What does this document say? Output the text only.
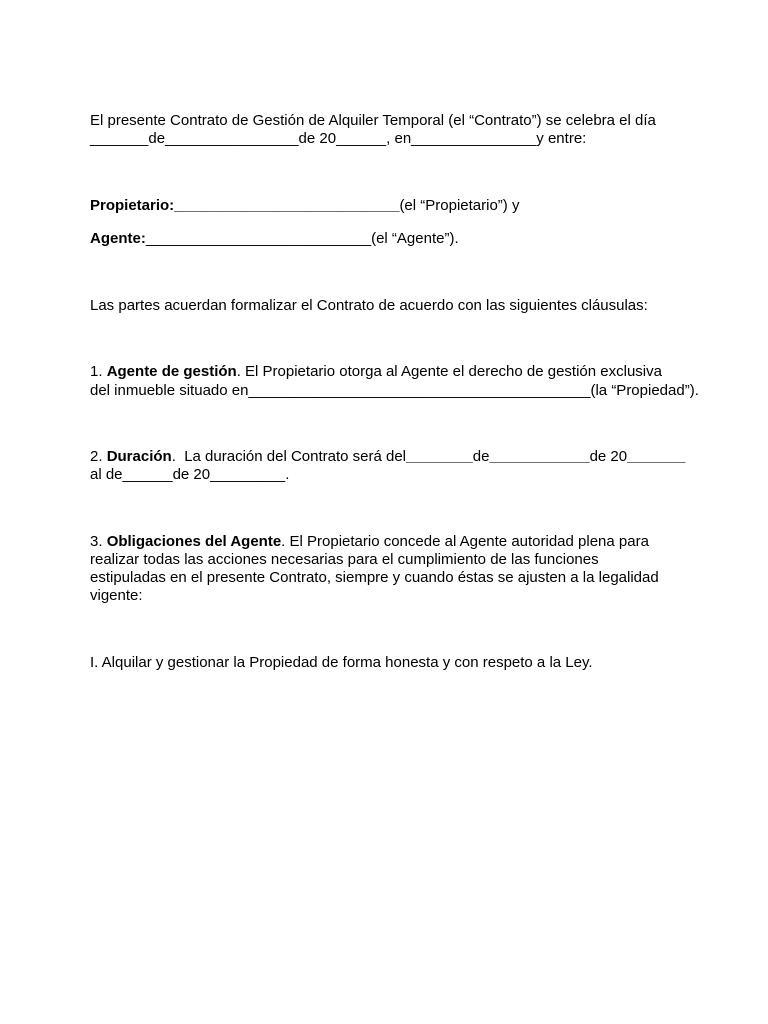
El presente Contrato de Gestión de Alquiler Temporal (el “Contrato”) se celebra el día
_______de________________de 20______, en_______________y entre:
Propietario:___________________________(el “Propietario”) y
Agente:___________________________(el “Agente”).
Las partes acuerdan formalizar el Contrato de acuerdo con las siguientes cláusulas:
1. Agente de gestión. El Propietario otorga al Agente el derecho de gestión exclusiva
del inmueble situado en_________________________________________(la “Propiedad”).
2. Duración.  La duración del Contrato será del________de____________de 20_______
al de______de 20_________.
3. Obligaciones del Agente. El Propietario concede al Agente autoridad plena para
realizar todas las acciones necesarias para el cumplimiento de las funciones
estipuladas en el presente Contrato, siempre y cuando éstas se ajusten a la legalidad
vigente:
I. Alquilar y gestionar la Propiedad de forma honesta y con respeto a la Ley.
